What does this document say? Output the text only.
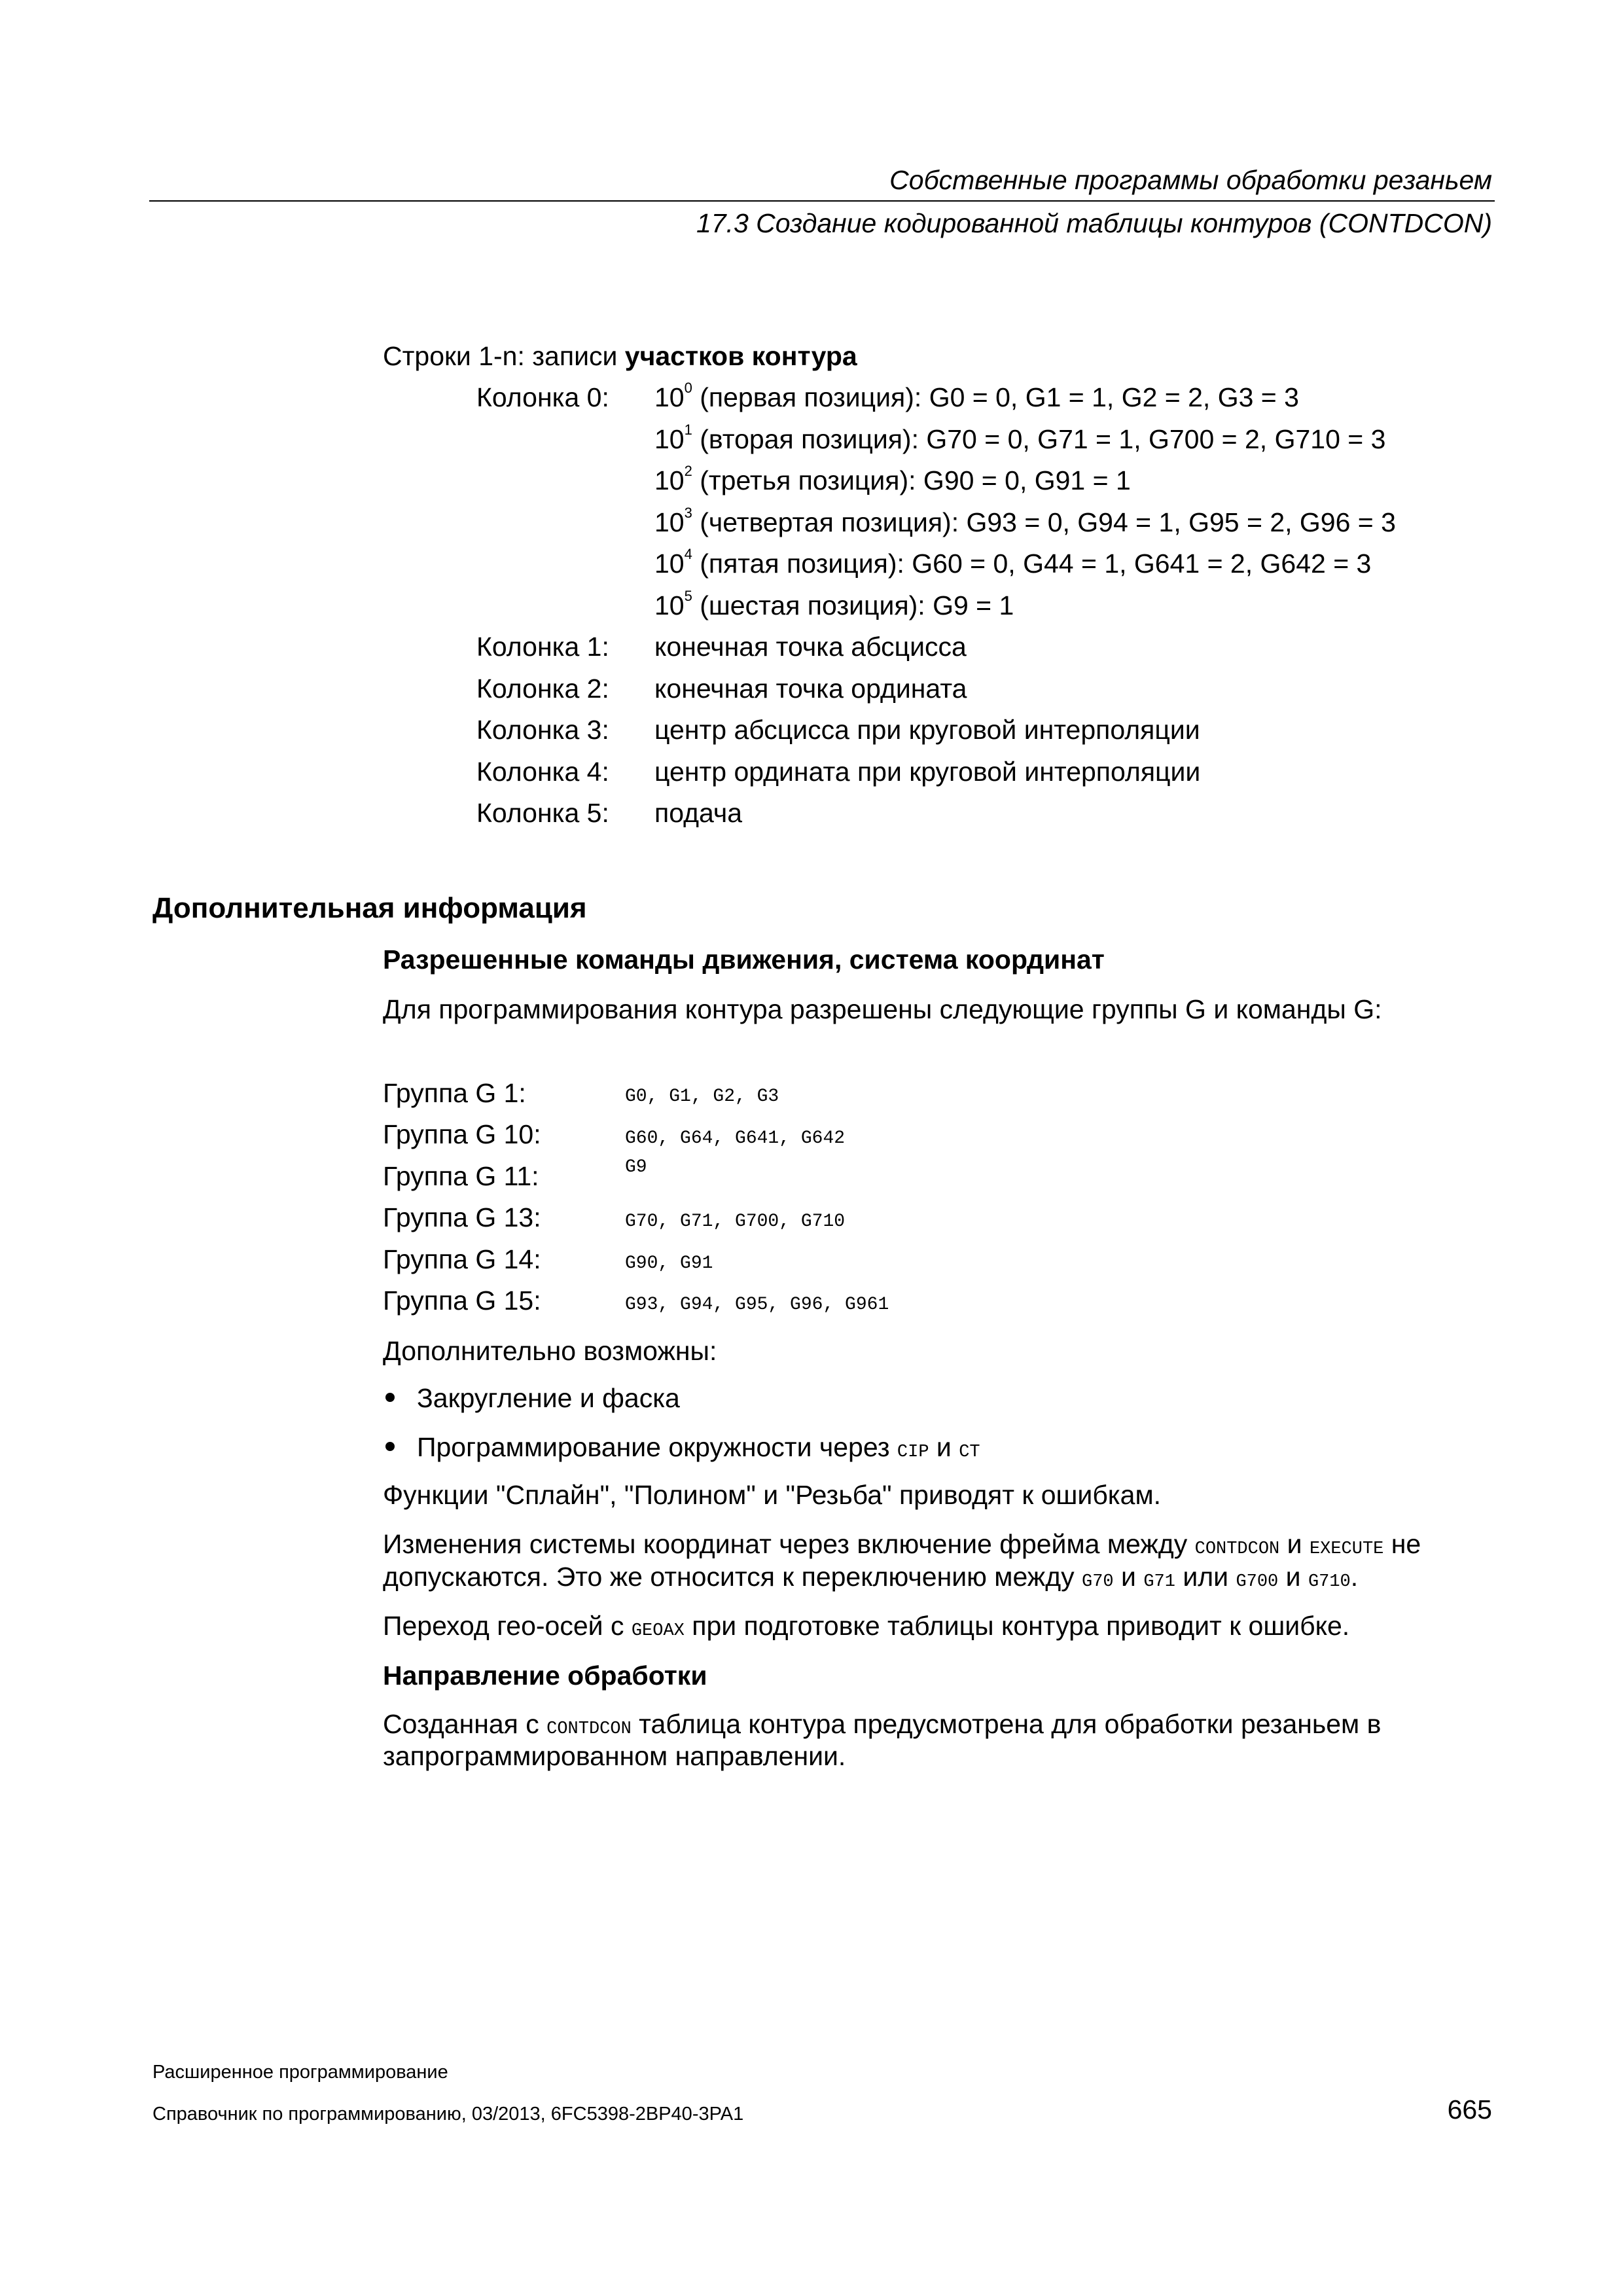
Собственные программы обработки резаньем
17.3 Создание кодированной таблицы контуров (CONTDCON)
Строки 1-n: записи участков контура
Колонка 0: $10^0$ (первая позиция): G0 = 0, G1 = 1, G2 = 2, G3 = 3
$10^1$ (вторая позиция): G70 = 0, G71 = 1, G700 = 2, G710 = 3
$10^2$ (третья позиция): G90 = 0, G91 = 1
$10^3$ (четвертая позиция): G93 = 0, G94 = 1, G95 = 2, G96 = 3
$10^4$ (пятая позиция): G60 = 0, G44 = 1, G641 = 2, G642 = 3
$10^5$ (шестая позиция): G9 = 1
Колонка 1: конечная точка абсцисса
Колонка 2: конечная точка ордината
Колонка 3: центр абсцисса при круговой интерполяции
Колонка 4: центр ордината при круговой интерполяции
Колонка 5: подача
Дополнительная информация
Разрешенные команды движения, система координат
Для программирования контура разрешены следующие группы G и команды G:
Группа G 1:	G0, G1, G2, G3
Группа G 10:	G60, G64, G641, G642
Группа G 11:	G9
Группа G 13:	G70, G71, G700, G710
Группа G 14:	G90, G91
Группа G 15:	G93, G94, G95, G96, G961
Дополнительно возможны:
Закругление и фаска
Программирование окружности через CIP и CT
Функции "Сплайн", "Полином" и "Резьба" приводят к ошибкам.
Изменения системы координат через включение фрейма между CONTDCON и EXECUTE не
допускаются. Это же относится к переключению между G70 и G71 или G700 и G710.
Переход гео-осей с GEOAX при подготовке таблицы контура приводит к ошибке.
Направление обработки
Созданная с CONTDCON таблица контура предусмотрена для обработки резаньем в
запрограммированном направлении.
Расширенное программирование
Справочник по программированию, 03/2013, 6FC5398-2BP40-3PA1	665
